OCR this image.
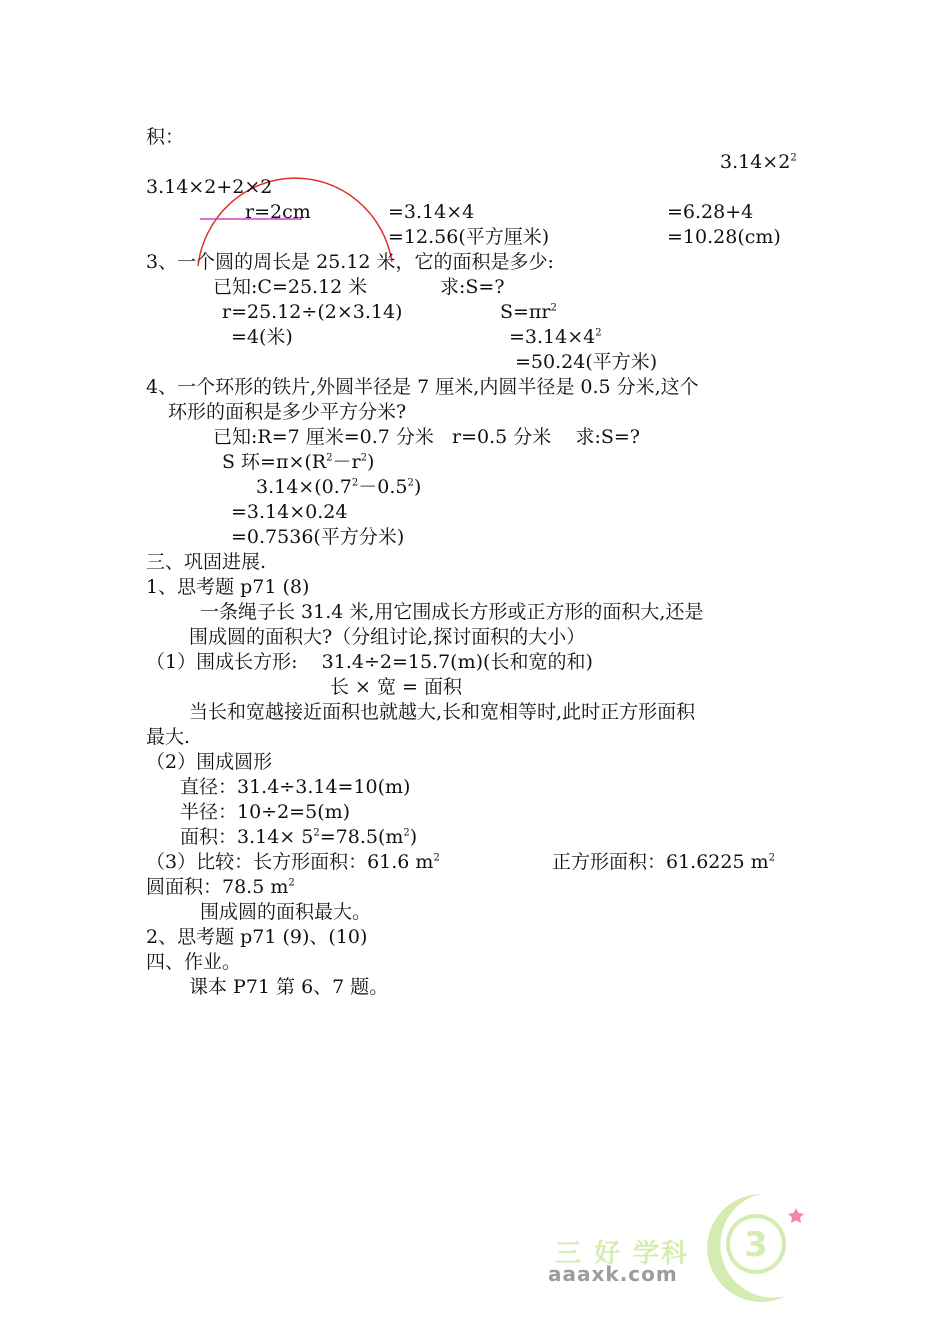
积：
$3.14\times 2^2$
3.14×2+2×2
r=2cm	=3.14×4	=6.28+4
=12.56(平方厘米)	=10.28(cm)
3、一个圆的周长是 25.12 米，它的面积是多少:
已知:C=25.12 米	求:S=?
r=25.12÷(2×3.14)	$S=\pi r^2$
=4(米)	$=3.14\times 4^2$
=50.24(平方米)
4、一个环形的铁片,外圆半径是 7 厘米,内圆半径是 0.5 分米,这个
环形的面积是多少平方分米?
已知:R=7 厘米=0.7 分米   r=0.5 分米    求:S=?
S 环$=\pi\times(R^2-r^2)$
$3.14\times(0.7^2-0.5^2)$
=3.14×0.24
=0.7536(平方分米)
三、巩固进展.
1、思考题 p71 (8)
一条绳子长 31.4 米,用它围成长方形或正方形的面积大,还是
围成圆的面积大?（分组讨论,探讨面积的大小）
（1）围成长方形:    31.4÷2=15.7(m)(长和宽的和)
长 × 宽 = 面积
当长和宽越接近面积也就越大,长和宽相等时,此时正方形面积
最大.
（2）围成圆形
直径：31.4÷3.14=10(m)
半径：10÷2=5(m)
面积：$3.14\times 5^2=78.5(m^2)$
（3）比较：长方形面积：61.6 $m^2$	正方形面积：61.6225 $m^2$
圆面积：78.5 $m^2$
围成圆的面积最大。
2、思考题 p71 (9)、(10)
四、作业。
课本 P71 第 6、7 题。
3
三 好 学科
aaaxk.com
